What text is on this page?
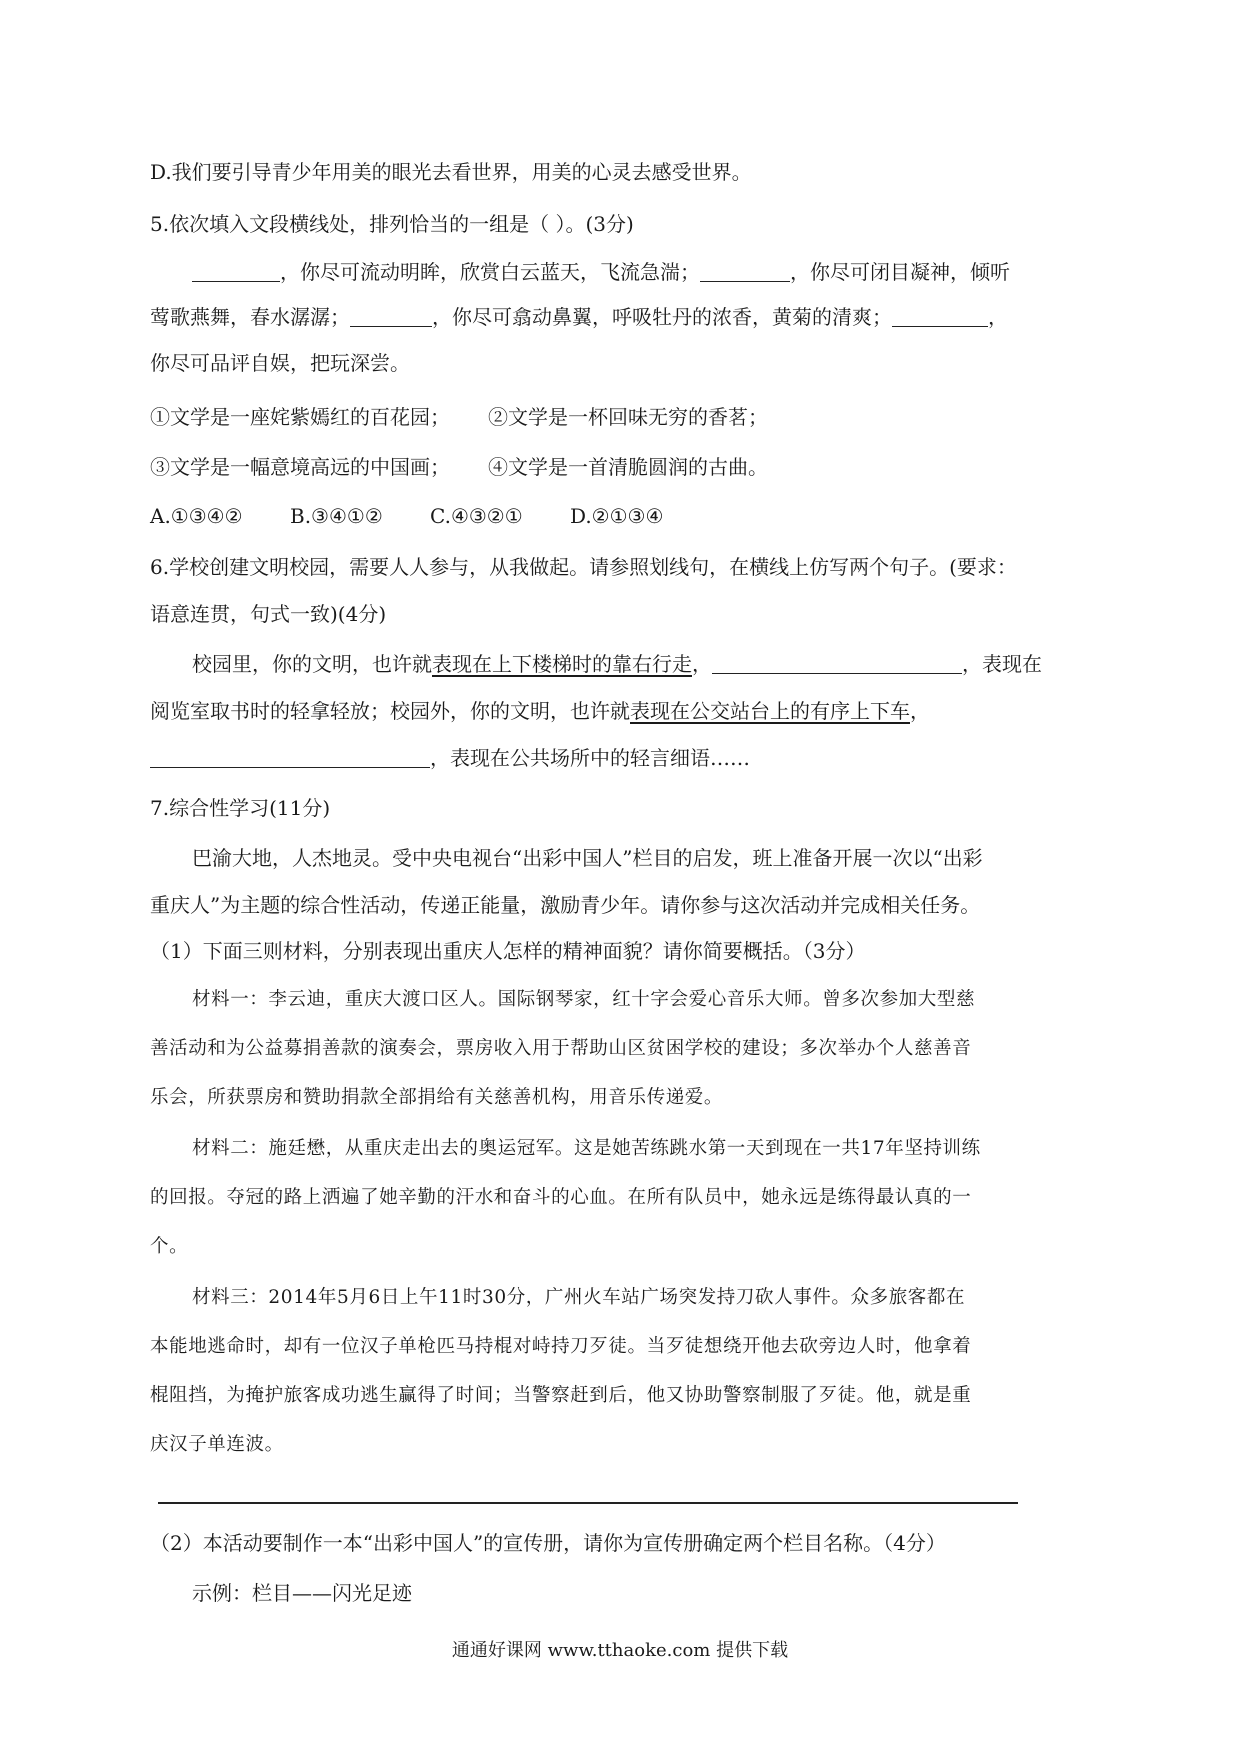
D.我们要引导青少年用美的眼光去看世界，用美的心灵去感受世界。
5.依次填入文段横线处，排列恰当的一组是（ ）。(3分)
，你尽可流动明眸，欣赏白云蓝天，飞流急湍；	，你尽可闭目凝神，倾听
莺歌燕舞，春水潺潺；	，你尽可翕动鼻翼，呼吸牡丹的浓香，黄菊的清爽；	，
你尽可品评自娱，把玩深尝。
①文学是一座姹紫嫣红的百花园； ②文学是一杯回味无穷的香茗；
③文学是一幅意境高远的中国画； ④文学是一首清脆圆润的古曲。
A.①③④② B.③④①② C.④③②① D.②①③④
6.学校创建文明校园，需要人人参与，从我做起。请参照划线句，在横线上仿写两个句子。(要求：
语意连贯，句式一致)(4分)
校园里，你的文明，也许就表现在上下楼梯时的靠右行走，	，表现在
阅览室取书时的轻拿轻放；校园外，你的文明，也许就表现在公交站台上的有序上下车，
，表现在公共场所中的轻言细语……
7.综合性学习(11分)
巴渝大地，人杰地灵。受中央电视台“出彩中国人”栏目的启发，班上准备开展一次以“出彩
重庆人”为主题的综合性活动，传递正能量，激励青少年。请你参与这次活动并完成相关任务。
（1）下面三则材料，分别表现出重庆人怎样的精神面貌？请你简要概括。（3分）
材料一：李云迪，重庆大渡口区人。国际钢琴家，红十字会爱心音乐大师。曾多次参加大型慈
善活动和为公益募捐善款的演奏会，票房收入用于帮助山区贫困学校的建设；多次举办个人慈善音
乐会，所获票房和赞助捐款全部捐给有关慈善机构，用音乐传递爱。
材料二：施廷懋，从重庆走出去的奥运冠军。这是她苦练跳水第一天到现在一共17年坚持训练
的回报。夺冠的路上洒遍了她辛勤的汗水和奋斗的心血。在所有队员中，她永远是练得最认真的一
个。
材料三：2014年5月6日上午11时30分，广州火车站广场突发持刀砍人事件。众多旅客都在
本能地逃命时，却有一位汉子单枪匹马持棍对峙持刀歹徒。当歹徒想绕开他去砍旁边人时，他拿着
棍阻挡，为掩护旅客成功逃生赢得了时间；当警察赶到后，他又协助警察制服了歹徒。他，就是重
庆汉子单连波。
（2）本活动要制作一本“出彩中国人”的宣传册，请你为宣传册确定两个栏目名称。（4分）
示例：栏目——闪光足迹
通通好课网 www.tthaoke.com 提供下载
